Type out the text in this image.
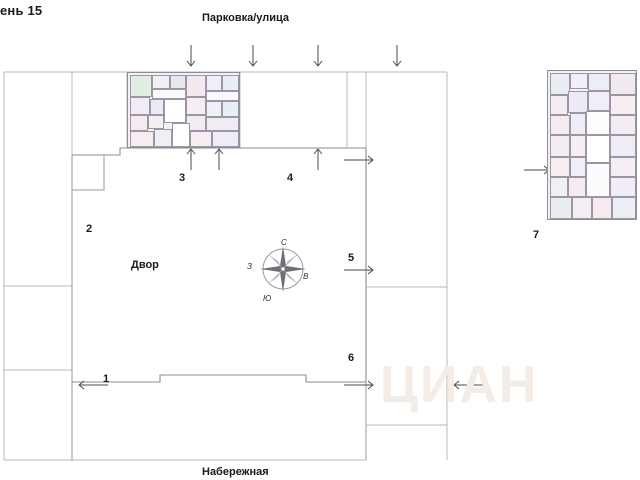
ень 15	Парковка/улица
Набережная
Двор
1
2
3	4
5
6
7
С
Ю
З
В
ЦИАН
